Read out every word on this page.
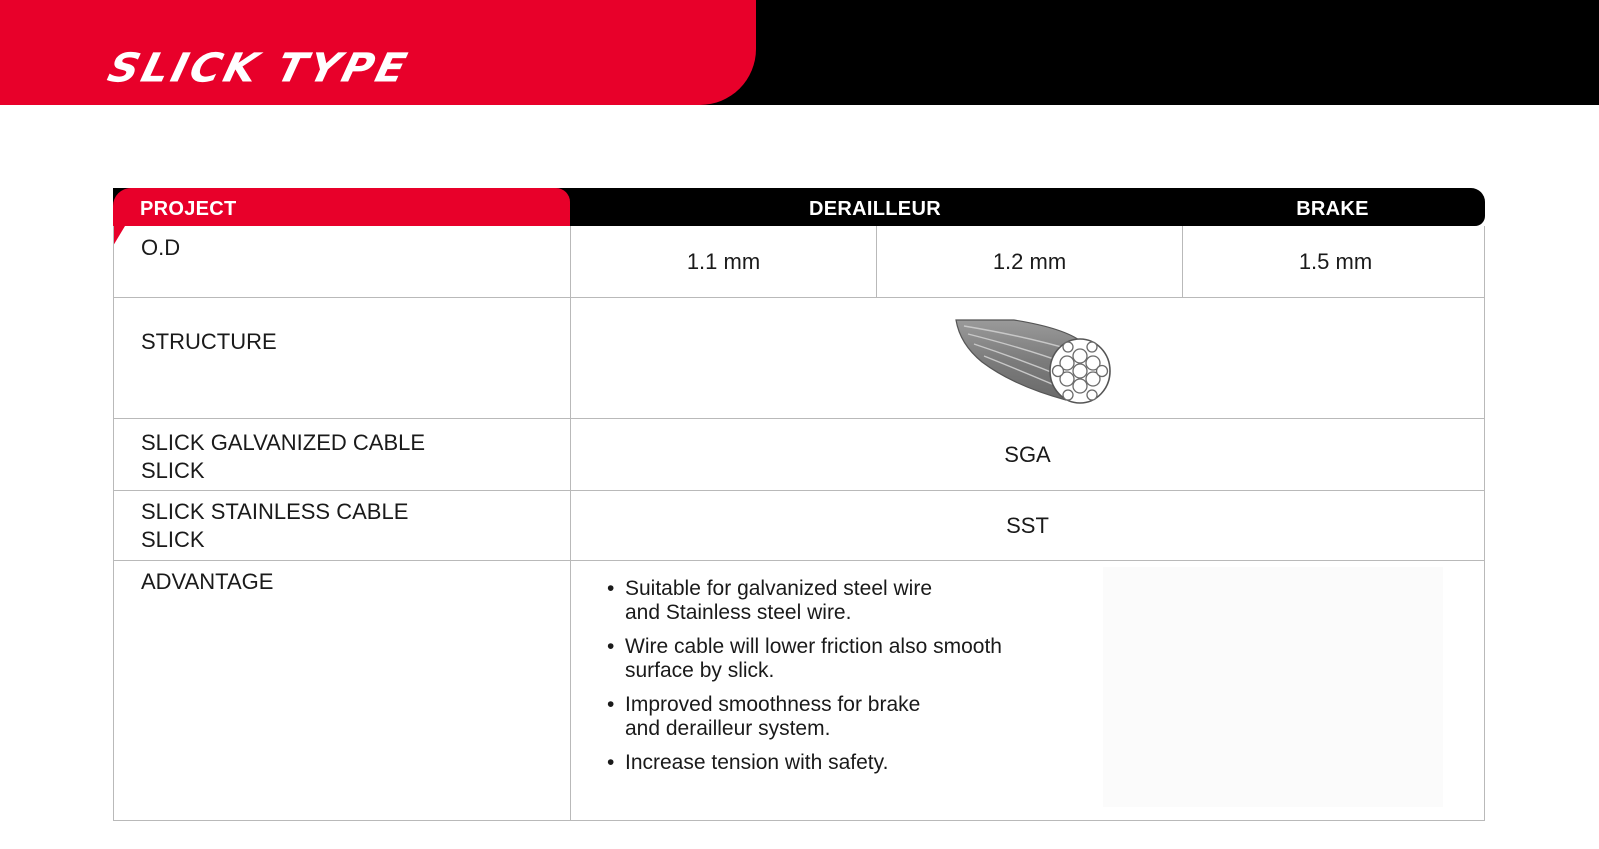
SLICK TYPE
PROJECT	DERAILLEUR	BRAKE
O.D
1.1 mm	1.2 mm	1.5 mm
STRUCTURE
SLICK GALVANIZED CABLE
SLICK
SGA
SLICK STAINLESS CABLE
SLICK
SST
ADVANTAGE
•	Suitable for galvanized steel wire
and Stainless steel wire.
• Wire cable will lower friction also smooth
surface by slick.
• Improved smoothness for brake
and derailleur system.
• Increase tension with safety.
